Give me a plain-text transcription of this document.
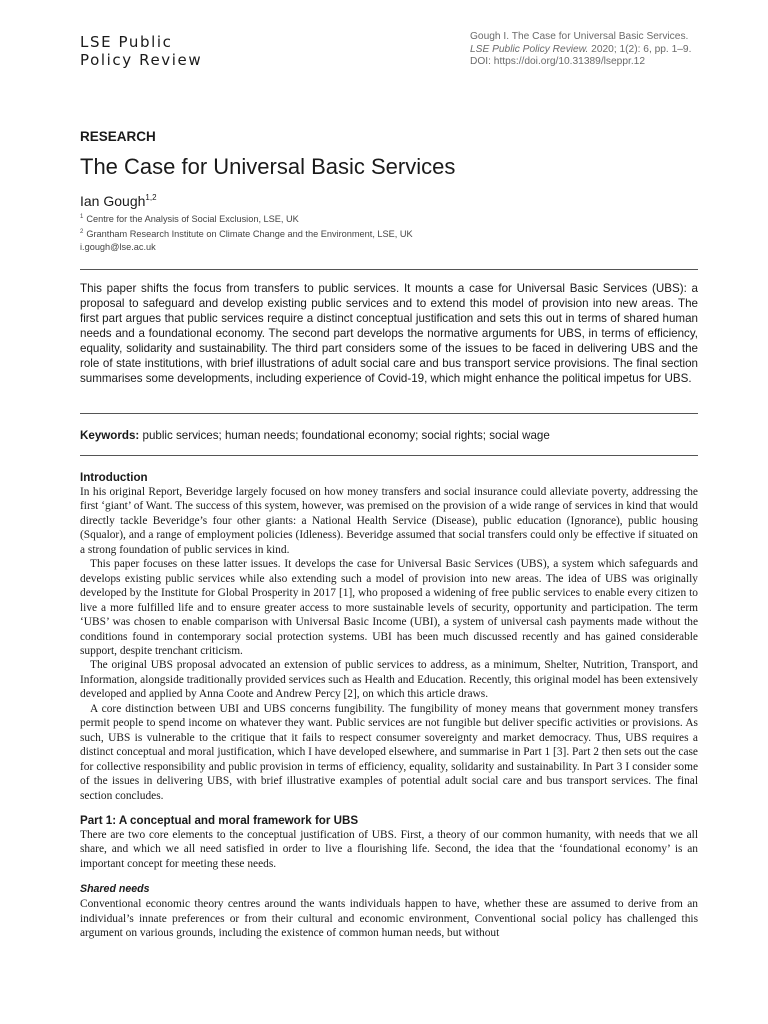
LSE Public
Policy Review
Gough I. The Case for Universal Basic Services.
LSE Public Policy Review. 2020; 1(2): 6, pp. 1–9.
DOI: https://doi.org/10.31389/lseppr.12
RESEARCH
The Case for Universal Basic Services
Ian Gough$^{1,2}$
$^1$ Centre for the Analysis of Social Exclusion, LSE, UK
$^2$ Grantham Research Institute on Climate Change and the Environment, LSE, UK
i.gough@lse.ac.uk
This paper shifts the focus from transfers to public services. It mounts a case for Universal Basic Services (UBS): a proposal to safeguard and develop existing public services and to extend this model of provision into new areas. The first part argues that public services require a distinct conceptual justification and sets this out in terms of shared human needs and a foundational economy. The second part develops the normative arguments for UBS, in terms of efficiency, equality, solidarity and sustainability. The third part considers some of the issues to be faced in delivering UBS and the role of state institutions, with brief illustrations of adult social care and bus transport service provisions. The final section summarises some developments, including experience of Covid-19, which might enhance the political impetus for UBS.
Keywords: public services; human needs; foundational economy; social rights; social wage
Introduction

In his original Report, Beveridge largely focused on how money transfers and social insurance could alleviate poverty, addressing the first ‘giant’ of Want. The success of this system, however, was premised on the provision of a wide range of services in kind that would directly tackle Beveridge’s four other giants: a National Health Service (Disease), public education (Ignorance), public housing (Squalor), and a range of employment policies (Idleness). Beveridge assumed that social transfers could only be effective if situated on a strong foundation of public services in kind.

This paper focuses on these latter issues. It develops the case for Universal Basic Services (UBS), a system which safeguards and develops existing public services while also extending such a model of provision into new areas. The idea of UBS was originally developed by the Institute for Global Prosperity in 2017 [1], who proposed a widening of free public services to enable every citizen to live a more fulfilled life and to ensure greater access to more sustainable levels of security, opportunity and participation. The term ‘UBS’ was chosen to enable comparison with Universal Basic Income (UBI), a system of universal cash payments made without the conditions found in contemporary social protection systems. UBI has been much discussed recently and has gained considerable support, despite trenchant criticism.

The original UBS proposal advocated an extension of public services to address, as a minimum, Shelter, Nutrition, Transport, and Information, alongside traditionally provided services such as Health and Education. Recently, this original model has been extensively developed and applied by Anna Coote and Andrew Percy [2], on which this article draws.

A core distinction between UBI and UBS concerns fungibility. The fungibility of money means that government money transfers permit people to spend income on whatever they want. Public services are not fungible but deliver specific activities or provisions. As such, UBS is vulnerable to the critique that it fails to respect consumer sovereignty and market democracy. Thus, UBS requires a distinct conceptual and moral justification, which I have developed elsewhere, and summarise in Part 1 [3]. Part 2 then sets out the case for collective responsibility and public provision in terms of efficiency, equality, solidarity and sustainability. In Part 3 I consider some of the issues in delivering UBS, with brief illustrative examples of potential adult social care and bus transport services. The final section concludes.

Part 1: A conceptual and moral framework for UBS

There are two core elements to the conceptual justification of UBS. First, a theory of our common humanity, with needs that we all share, and which we all need satisfied in order to live a flourishing life. Second, the idea that the ‘foundational economy’ is an important concept for meeting these needs.

Shared needs

Conventional economic theory centres around the wants individuals happen to have, whether these are assumed to derive from an individual’s innate preferences or from their cultural and economic environment, Conventional social policy has challenged this argument on various grounds, including the existence of common human needs, but without
